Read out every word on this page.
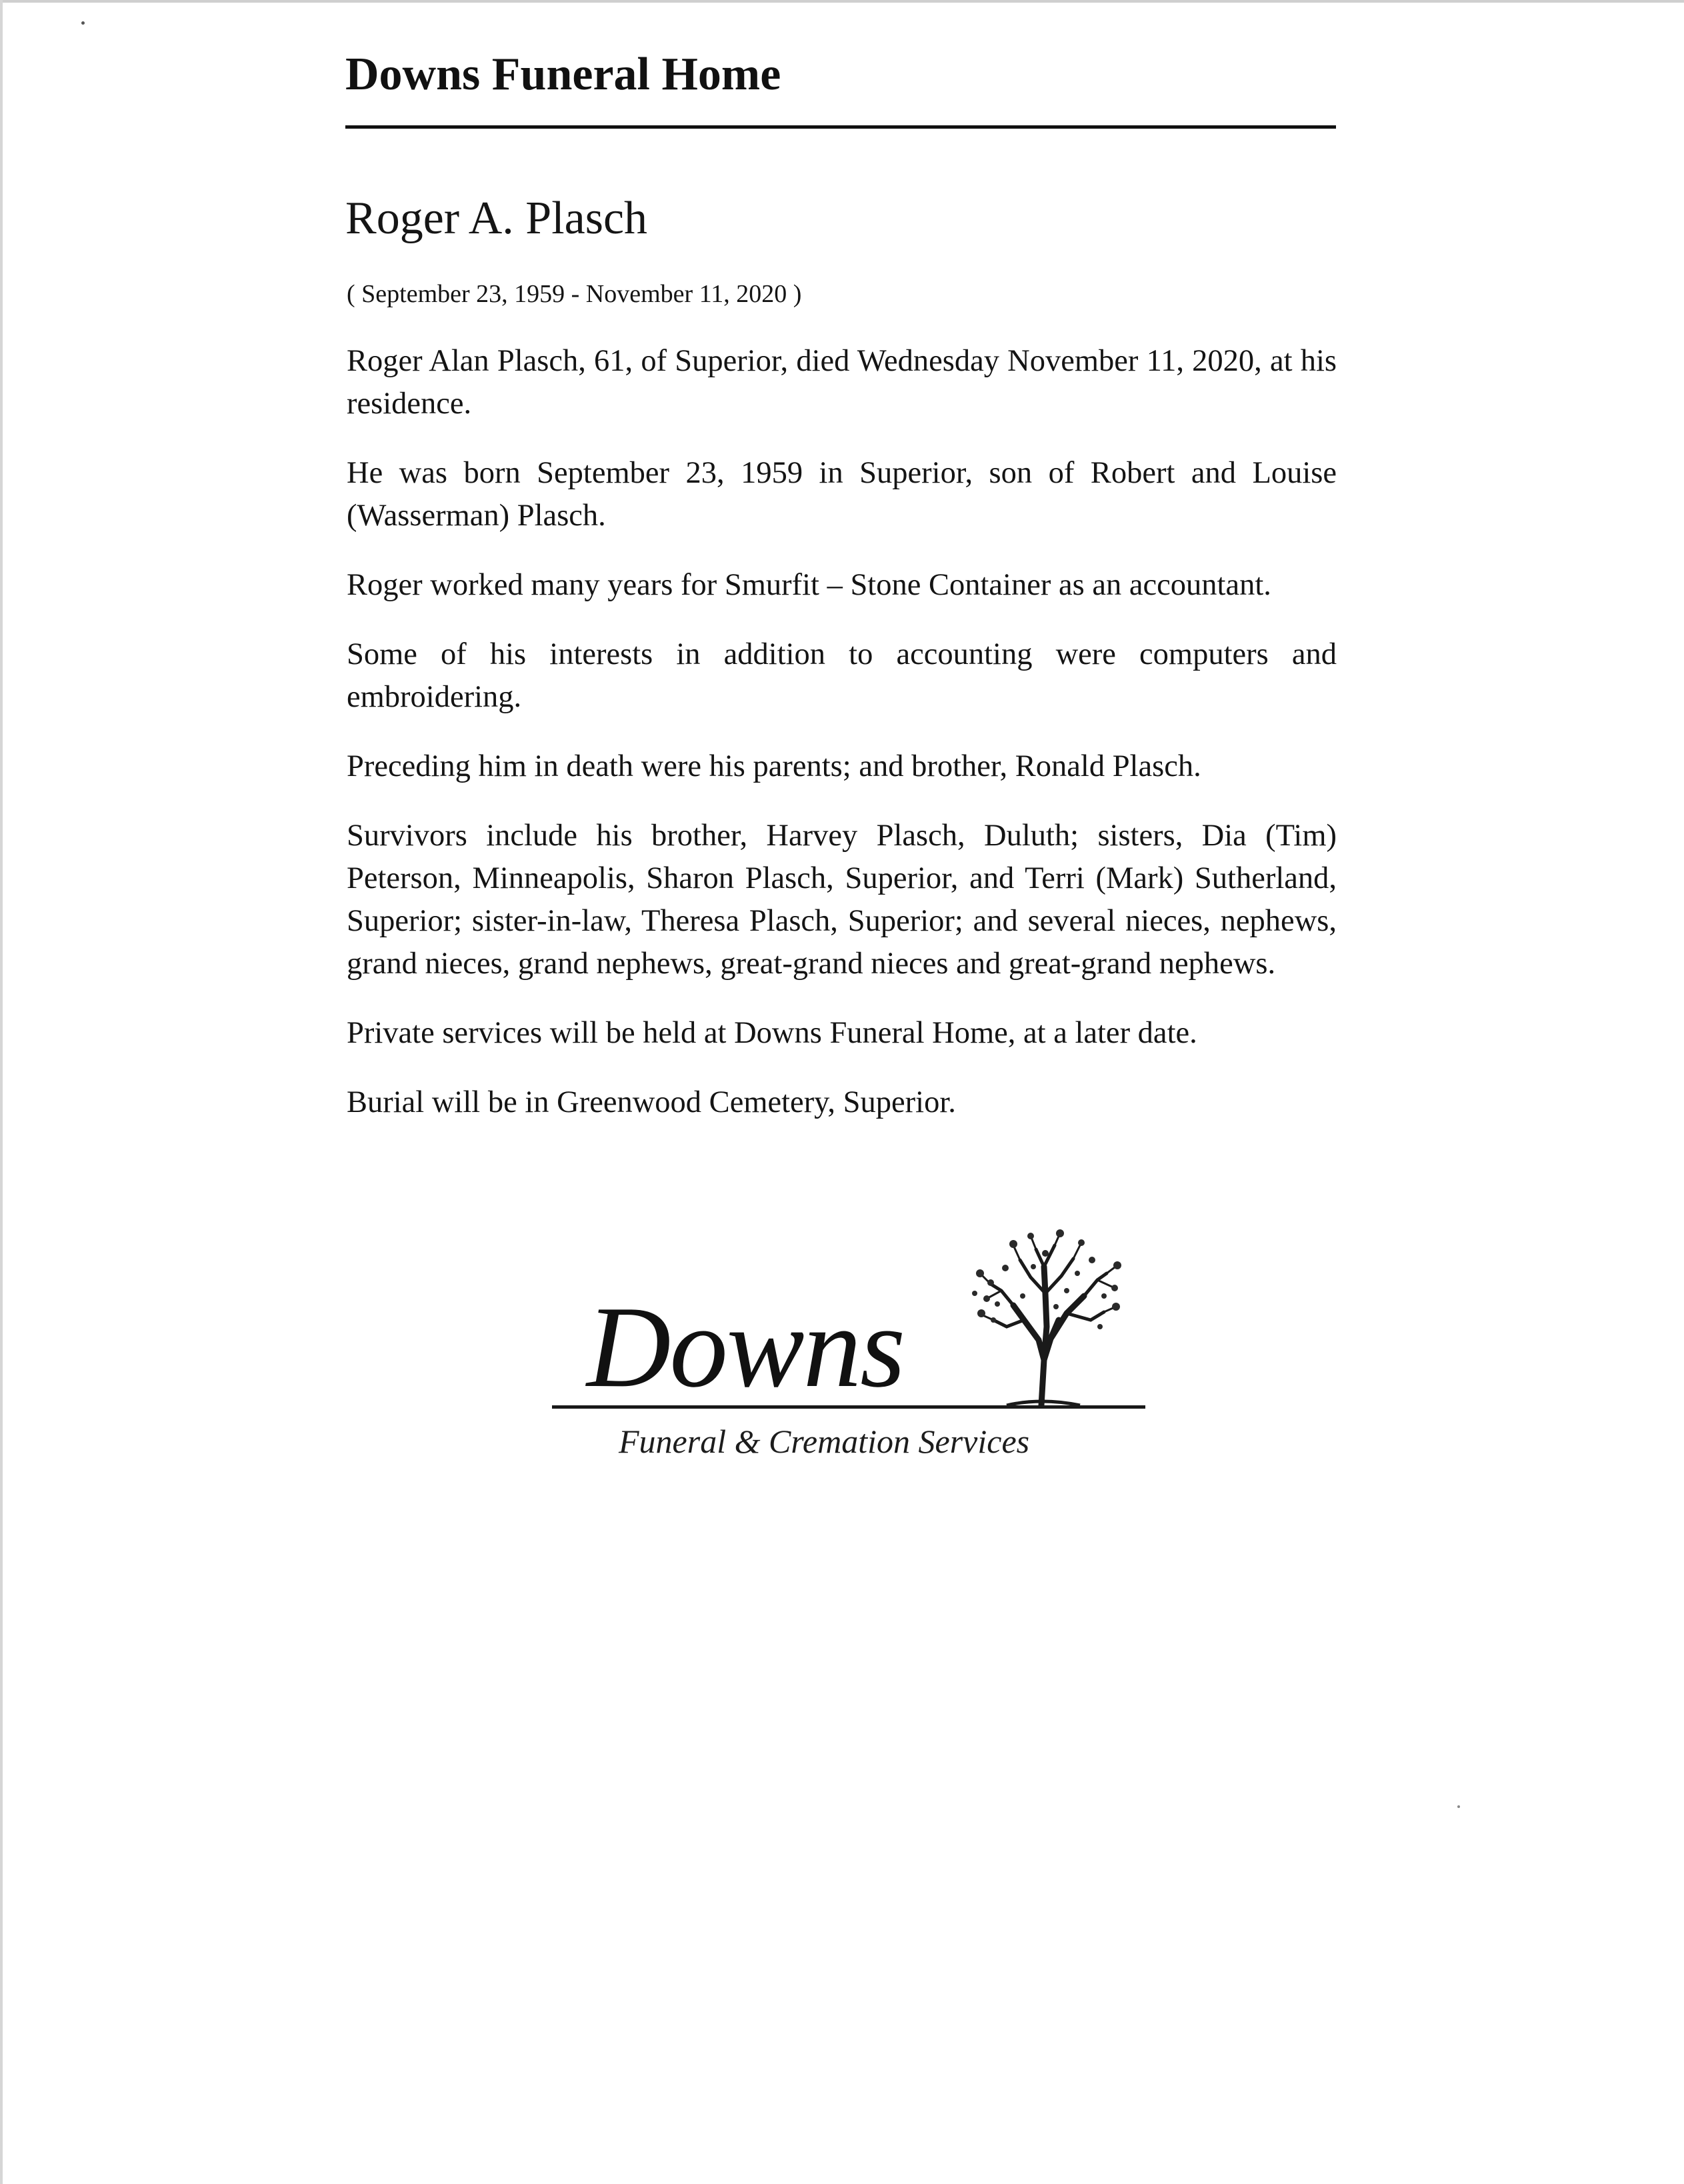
Downs Funeral Home
Roger A. Plasch
( September 23, 1959 - November 11, 2020 )

Roger Alan Plasch, 61, of Superior, died Wednesday November 11, 2020, at his residence.

He was born September 23, 1959 in Superior, son of Robert and Louise (Wasserman) Plasch.

Roger worked many years for Smurfit – Stone Container as an accountant.

Some of his interests in addition to accounting were computers and embroidering.

Preceding him in death were his parents; and brother, Ronald Plasch.

Survivors include his brother, Harvey Plasch, Duluth; sisters, Dia (Tim) Peterson, Minneapolis, Sharon Plasch, Superior, and Terri (Mark) Sutherland, Superior; sister-in-law, Theresa Plasch, Superior; and several nieces, nephews, grand nieces, grand nephews, great-grand nieces and great-grand nephews.

Private services will be held at Downs Funeral Home, at a later date.

Burial will be in Greenwood Cemetery, Superior.

Downs
Funeral & Cremation Services
